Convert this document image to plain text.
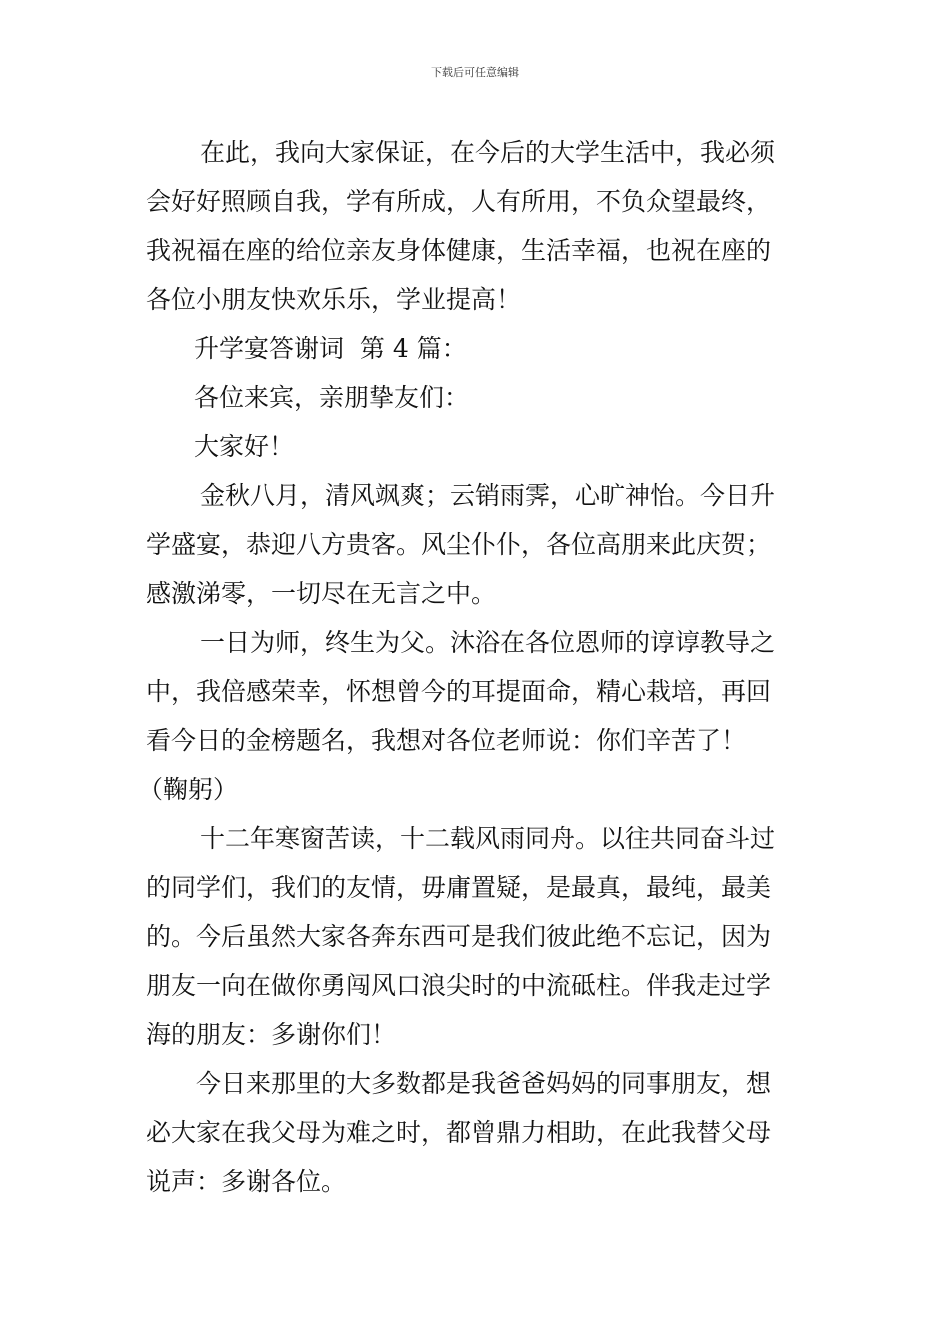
下载后可任意编辑

在此，我向大家保证，在今后的大学生活中，我必须
会好好照顾自我，学有所成，人有所用，不负众望最终，
我祝福在座的给位亲友身体健康，生活幸福，也祝在座的
各位小朋友快欢乐乐，学业提高！

升学宴答谢词  第 4 篇：

各位来宾，亲朋挚友们：

大家好！

金秋八月，清风飒爽；云销雨霁，心旷神怡。今日升
学盛宴，恭迎八方贵客。风尘仆仆，各位高朋来此庆贺；
感激涕零，一切尽在无言之中。

一日为师，终生为父。沐浴在各位恩师的谆谆教导之
中，我倍感荣幸，怀想曾今的耳提面命，精心栽培，再回
看今日的金榜题名，我想对各位老师说：你们辛苦了！
（鞠躬）

十二年寒窗苦读，十二载风雨同舟。以往共同奋斗过
的同学们，我们的友情，毋庸置疑，是最真，最纯，最美
的。今后虽然大家各奔东西可是我们彼此绝不忘记，因为
朋友一向在做你勇闯风口浪尖时的中流砥柱。伴我走过学
海的朋友：多谢你们！

今日来那里的大多数都是我爸爸妈妈的同事朋友，想
必大家在我父母为难之时，都曾鼎力相助，在此我替父母
说声：多谢各位。
